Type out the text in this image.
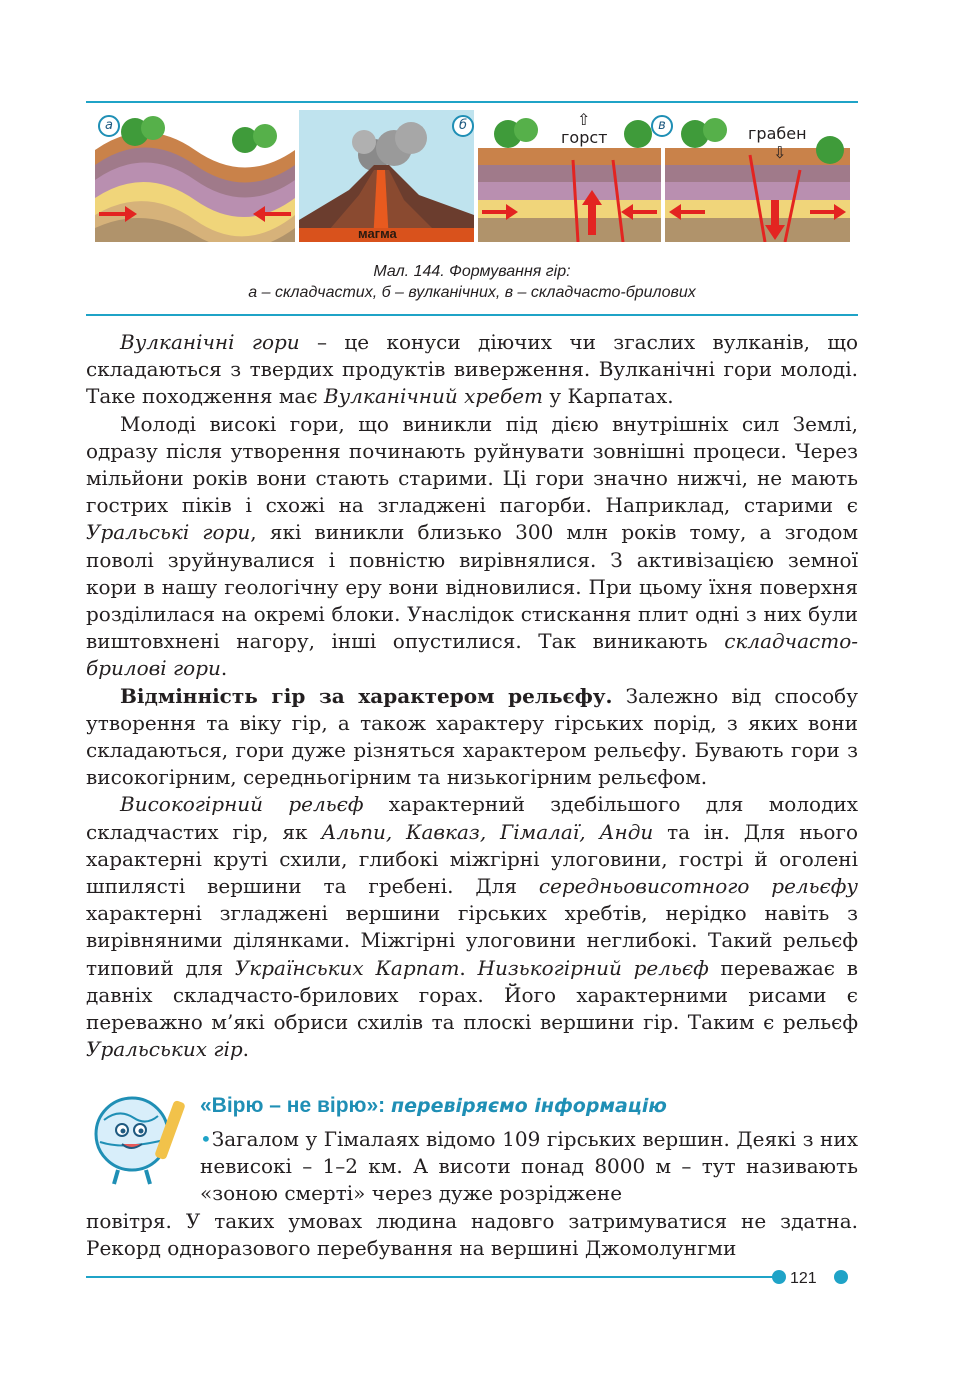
а	б
магма
горст
⇧	в	грабен
⇩
Мал. 144. Формування гір:
а – складчастих, б – вулканічних, в – складчасто-брилових

Вулканічні гори – це конуси діючих чи згаслих вулканів, що складаються з твердих продуктів виверження. Вулканічні гори молоді. Таке походження має Вулканічний хребет у Карпатах.

Молоді високі гори, що виникли під дією внутрішніх сил Землі, одразу після утворення починають руйнувати зовнішні процеси. Через мільйони років вони стають старими. Ці гори значно нижчі, не мають гострих піків і схожі на згладжені пагорби. Наприклад, старими є Уральські гори, які виникли близько 300 млн років тому, а згодом поволі зруйнувалися і повністю вирівнялися. З активізацією земної кори в нашу геологічну еру вони відновилися. При цьому їхня поверхня розділилася на окремі блоки. Унаслідок стискання плит одні з них були виштовхнені нагору, інші опустилися. Так виникають складчасто-брилові гори.

Відмінність гір за характером рельєфу. Залежно від способу утворення та віку гір, а також характеру гірських порід, з яких вони складаються, гори дуже різняться характером рельєфу. Бувають гори з високогірним, середньогірним та низькогірним рельєфом.

Високогірний рельєф характерний здебільшого для молодих складчастих гір, як Альпи, Кавказ, Гімалаї, Анди та ін. Для нього характерні круті схили, глибокі міжгірні улоговини, гострі й оголені шпилясті вершини та гребені. Для середньовисотного рельєфу характерні згладжені вершини гірських хребтів, нерідко навіть з вирівняними ділянками. Міжгірні улоговини неглибокі. Такий рельєф типовий для Українських Карпат. Низькогірний рельєф переважає в давніх складчасто-брилових горах. Його характерними рисами є переважно м’які обриси схилів та плоскі вершини гір. Таким є рельєф Уральських гір.

«Вірю – не вірю»: перевіряємо інформацію

•Загалом у Гімалаях відомо 109 гірських вершин. Деякі з них невисокі – 1–2 км. А висоти понад 8000 м – тут називають «зоною смерті» через дуже розріджене

повітря. У таких умовах людина надовго затримуватися не здатна. Рекорд одноразового перебування на вершині Джомолунгми

121
